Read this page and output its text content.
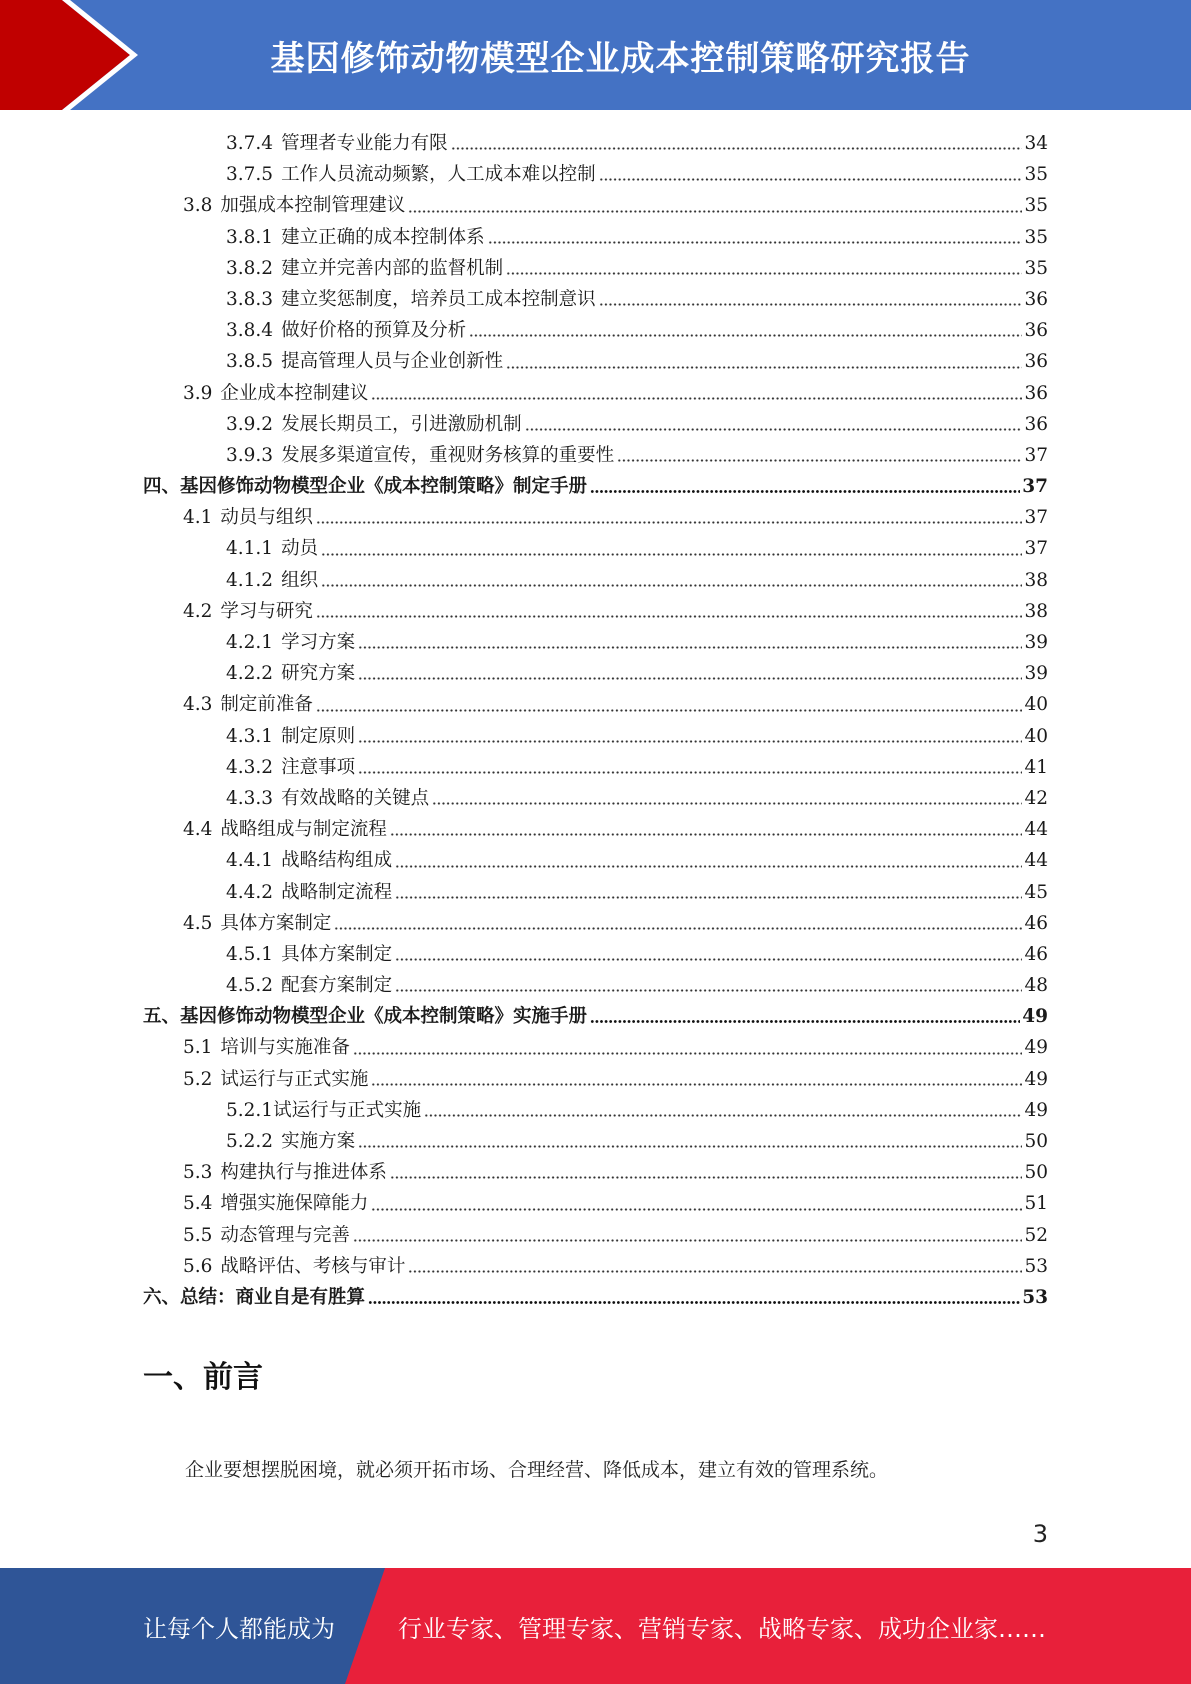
基因修饰动物模型企业成本控制策略研究报告
3.7.4 管理者专业能力有限	34
3.7.5 工作人员流动频繁，人工成本难以控制	35
3.8 加强成本控制管理建议	35
3.8.1 建立正确的成本控制体系	35
3.8.2 建立并完善内部的监督机制	35
3.8.3 建立奖惩制度，培养员工成本控制意识	36
3.8.4 做好价格的预算及分析	36
3.8.5 提高管理人员与企业创新性	36
3.9 企业成本控制建议	36
3.9.2 发展长期员工，引进激励机制	36
3.9.3 发展多渠道宣传，重视财务核算的重要性	37
四、基因修饰动物模型企业《成本控制策略》制定手册	37
4.1 动员与组织	37
4.1.1 动员	37
4.1.2 组织	38
4.2 学习与研究	38
4.2.1 学习方案	39
4.2.2 研究方案	39
4.3 制定前准备	40
4.3.1 制定原则	40
4.3.2 注意事项	41
4.3.3 有效战略的关键点	42
4.4 战略组成与制定流程	44
4.4.1 战略结构组成	44
4.4.2 战略制定流程	45
4.5 具体方案制定	46
4.5.1 具体方案制定	46
4.5.2 配套方案制定	48
五、基因修饰动物模型企业《成本控制策略》实施手册	49
5.1 培训与实施准备	49
5.2 试运行与正式实施	49
5.2.1 试运行与正式实施	49
5.2.2 实施方案	50
5.3 构建执行与推进体系	50
5.4 增强实施保障能力	51
5.5 动态管理与完善	52
5.6 战略评估、考核与审计	53
六、总结：商业自是有胜算	53
一、前言
企业要想摆脱困境，就必须开拓市场、合理经营、降低成本，建立有效的管理系统。
3
让每个人都能成为	行业专家、管理专家、营销专家、战略专家、成功企业家……
